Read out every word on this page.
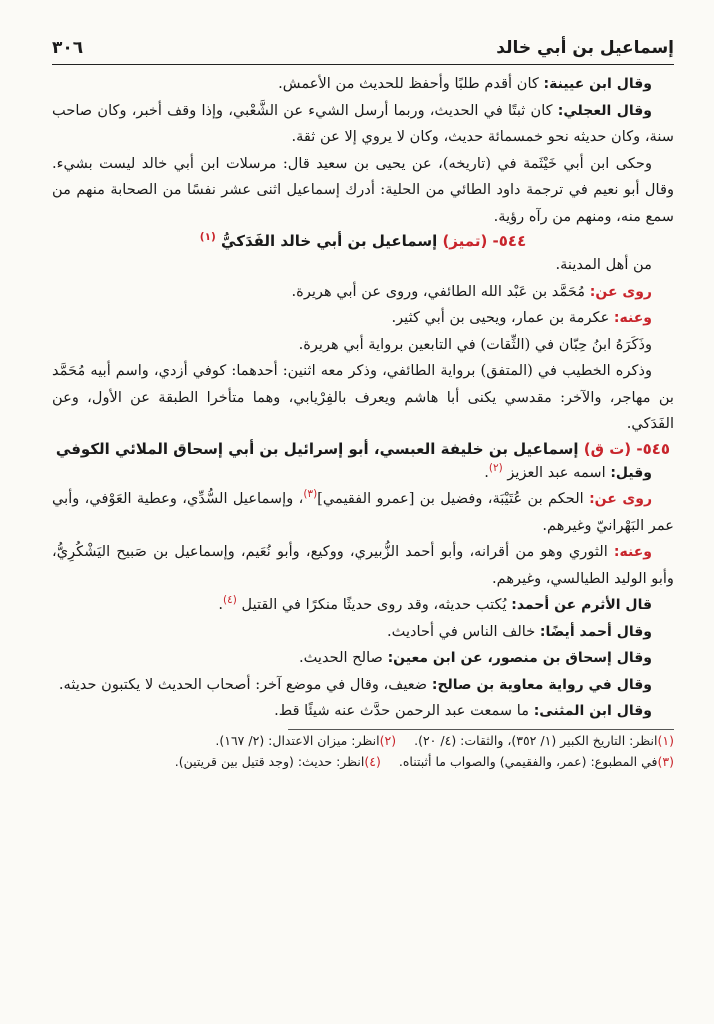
إسماعيل بن أبي خالد
٣٠٦

وقال ابن عيينة: كان أقدم طلبًا وأحفظ للحديث من الأعمش.

وقال العجلي: كان ثبتًا في الحديث، وربما أرسل الشيء عن الشَّعْبي، وإذا وقف أخبر، وكان صاحب سنة، وكان حديثه نحو خمسمائة حديث، وكان لا يروي إلا عن ثقة.

وحكى ابن أبي خَيْثَمة في (تاريخه)، عن يحيى بن سعيد قال: مرسلات ابن أبي خالد ليست بشيء. وقال أبو نعيم في ترجمة داود الطائي من الحلية: أدرك إسماعيل اثنى عشر نفسًا من الصحابة منهم من سمع منه، ومنهم من رآه رؤية.

٥٤٤- (تميز) إسماعيل بن أبي خالد الفَدَكيُّ $^{(١)}$

من أهل المدينة.

روى عن: مُحَمَّد بن عَبْد الله الطائفي، وروى عن أبي هريرة.

وعنه: عكرمة بن عمار، ويحيى بن أبي كثير.

وذَكَرَهُ ابنُ حِبّان في (الثِّقات) في التابعين برواية أبي هريرة.

وذكره الخطيب في (المتفق) برواية الطائفي، وذكر معه اثنين: أحدهما: كوفي أزدي، واسم أبيه مُحَمَّد بن مهاجر، والآخر: مقدسي يكنى أبا هاشم ويعرف بالفِرْيابي، وهما متأخرا الطبقة عن الأول، وعن الفَدَكي.

٥٤٥- (ت ق) إسماعيل بن خليفة العبسي، أبو إسرائيل بن أبي إسحاق الملائي الكوفي

وقيل: اسمه عبد العزيز $^{(٢)}$.

روى عن: الحكم بن عُتَيْبَة، وفضيل بن [عمرو الفقيمي]$^{(٣)}$، وإسماعيل السُّدِّي، وعطية العَوْفي، وأبي عمر البَهْرانيّ وغيرهم.

وعنه: الثوري وهو من أقرانه، وأبو أحمد الزُّبيري، ووكيع، وأبو نُعَيم، وإسماعيل بن صَبيح اليَشْكُرِيُّ، وأبو الوليد الطيالسي، وغيرهم.

قال الأثرم عن أحمد: يُكتب حديثه، وقد روى حديثًا منكرًا في القتيل $^{(٤)}$.

وقال أحمد أيضًا: خالف الناس في أحاديث.

وقال إسحاق بن منصور، عن ابن معين: صالح الحديث.

وقال في رواية معاوية بن صالح: ضعيف، وقال في موضع آخر: أصحاب الحديث لا يكتبون حديثه.

وقال ابن المثنى: ما سمعت عبد الرحمن حدَّث عنه شيئًا قط.

(١)انظر: التاريخ الكبير (١/ ٣٥٢)، والثقات: (٤/ ٢٠).
(٢)انظر: ميزان الاعتدال: (٢/ ١٦٧).
(٣)في المطبوع: (عمر، والفقيمي) والصواب ما أثبتناه.
(٤)انظر: حديث: (وجد قتيل بين قريتين).
